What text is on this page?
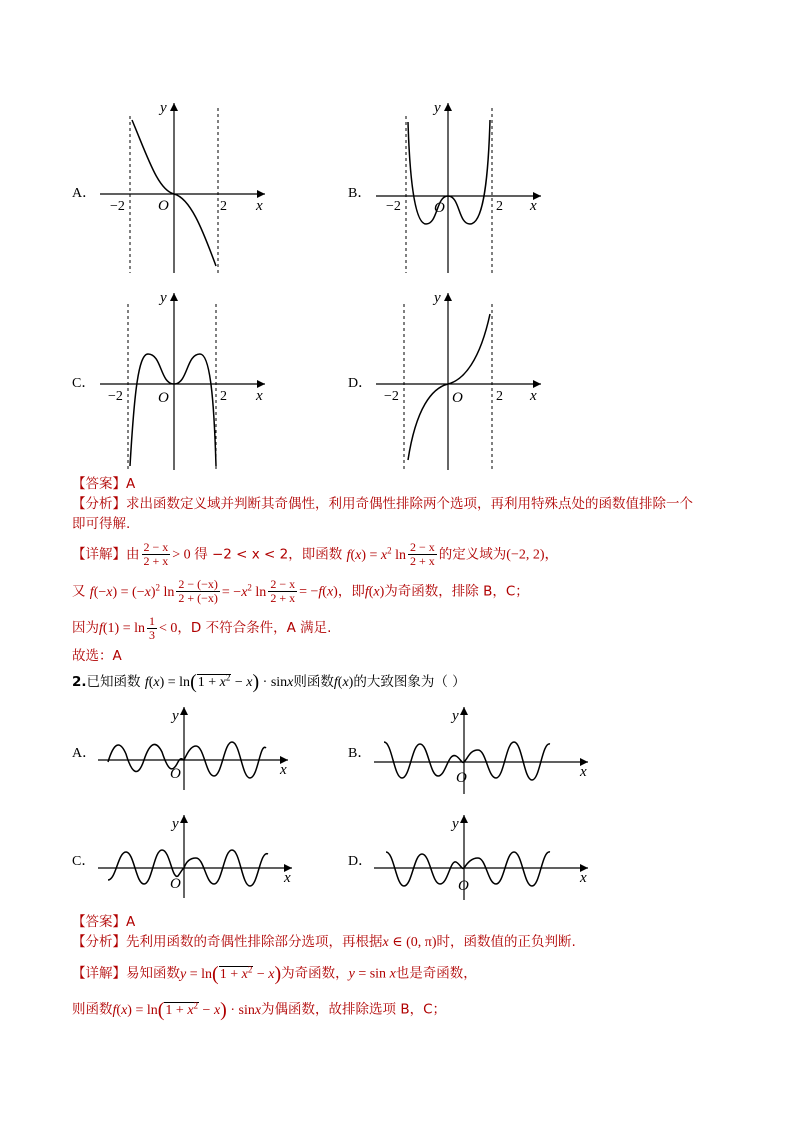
A．
y
x
O
−2	2
B．
y
x
O
−2	2
C．
y
x
O
−2	2
D．
y
x
O
−2	2
【答案】A
【分析】求出函数定义域并判断其奇偶性，利用奇偶性排除两个选项，再利用特殊点处的函数值排除一个
即可得解.
【详解】由 $\frac{2 - x}{2 + x} > 0$ 得 −2 < x < 2，即函数 $f(x) = x^2$ $\ln \frac{2 - x}{2 + x}$ 的定义域为(−2, 2)，
又 $f(-x) = (-x)^2$ $\ln \frac{2 - (-x)}{2 + (-x)} = -x^2$ $\ln \frac{2 - x}{2 + x} = -f(x)$，即f(x)为奇函数，排除 B，C；
因为$f(1) = \ln \frac{1}{3} < 0$，D 不符合条件，A 满足.
故选：A
2.已知函数 $f(x) = \ln(1 + x^2 - x) \cdot \sin x$则函数f(x)的大致图象为（ ）
A．
y
x
O
B．
y
x
O
C．
y
x
O
D．
y
x
O
【答案】A
【分析】先利用函数的奇偶性排除部分选项，再根据x ∈ (0, π)时，函数值的正负判断.
【详解】易知函数$y = \ln(1 + x^2 - x)$为奇函数，y = sin x也是奇函数，
则函数$f(x) = \ln(1 + x^2 - x) \cdot \sin x$为偶函数，故排除选项 B，C；
